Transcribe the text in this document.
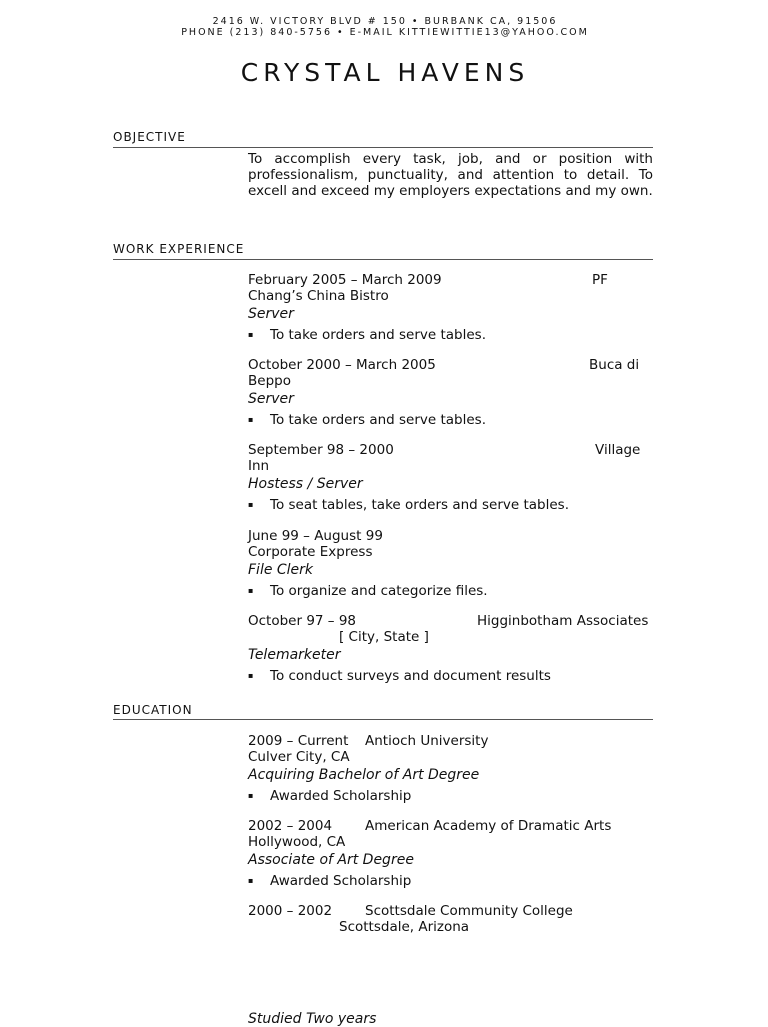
2416 W. VICTORY BLVD # 150 • BURBANK CA, 91506
PHONE (213) 840-5756 • E-MAIL KITTIEWITTIE13@YAHOO.COM
CRYSTAL HAVENS
OBJECTIVE
To accomplish every task, job, and or position with professionalism, punctuality, and attention to detail. To excell and exceed my employers expectations and my own.
WORK EXPERIENCE
February 2005 – March 2009	PF
Chang’s China Bistro
Server
▪ To take orders and serve tables.
October 2000 – March 2005	Buca di
Beppo
Server
▪ To take orders and serve tables.
September 98 – 2000	Village
Inn
Hostess / Server
▪ To seat tables, take orders and serve tables.
June 99 – August 99
Corporate Express
File Clerk
▪ To organize and categorize files.
October 97 – 98	Higginbotham Associates
[ City, State ]
Telemarketer
▪ To conduct surveys and document results
EDUCATION
2009 – Current Antioch University
Culver City, CA
Acquiring Bachelor of Art Degree
▪ Awarded Scholarship
2002 – 2004 American Academy of Dramatic Arts
Hollywood, CA
Associate of Art Degree
▪ Awarded Scholarship
2000 – 2002 Scottsdale Community College
Scottsdale, Arizona
Studied Two years
